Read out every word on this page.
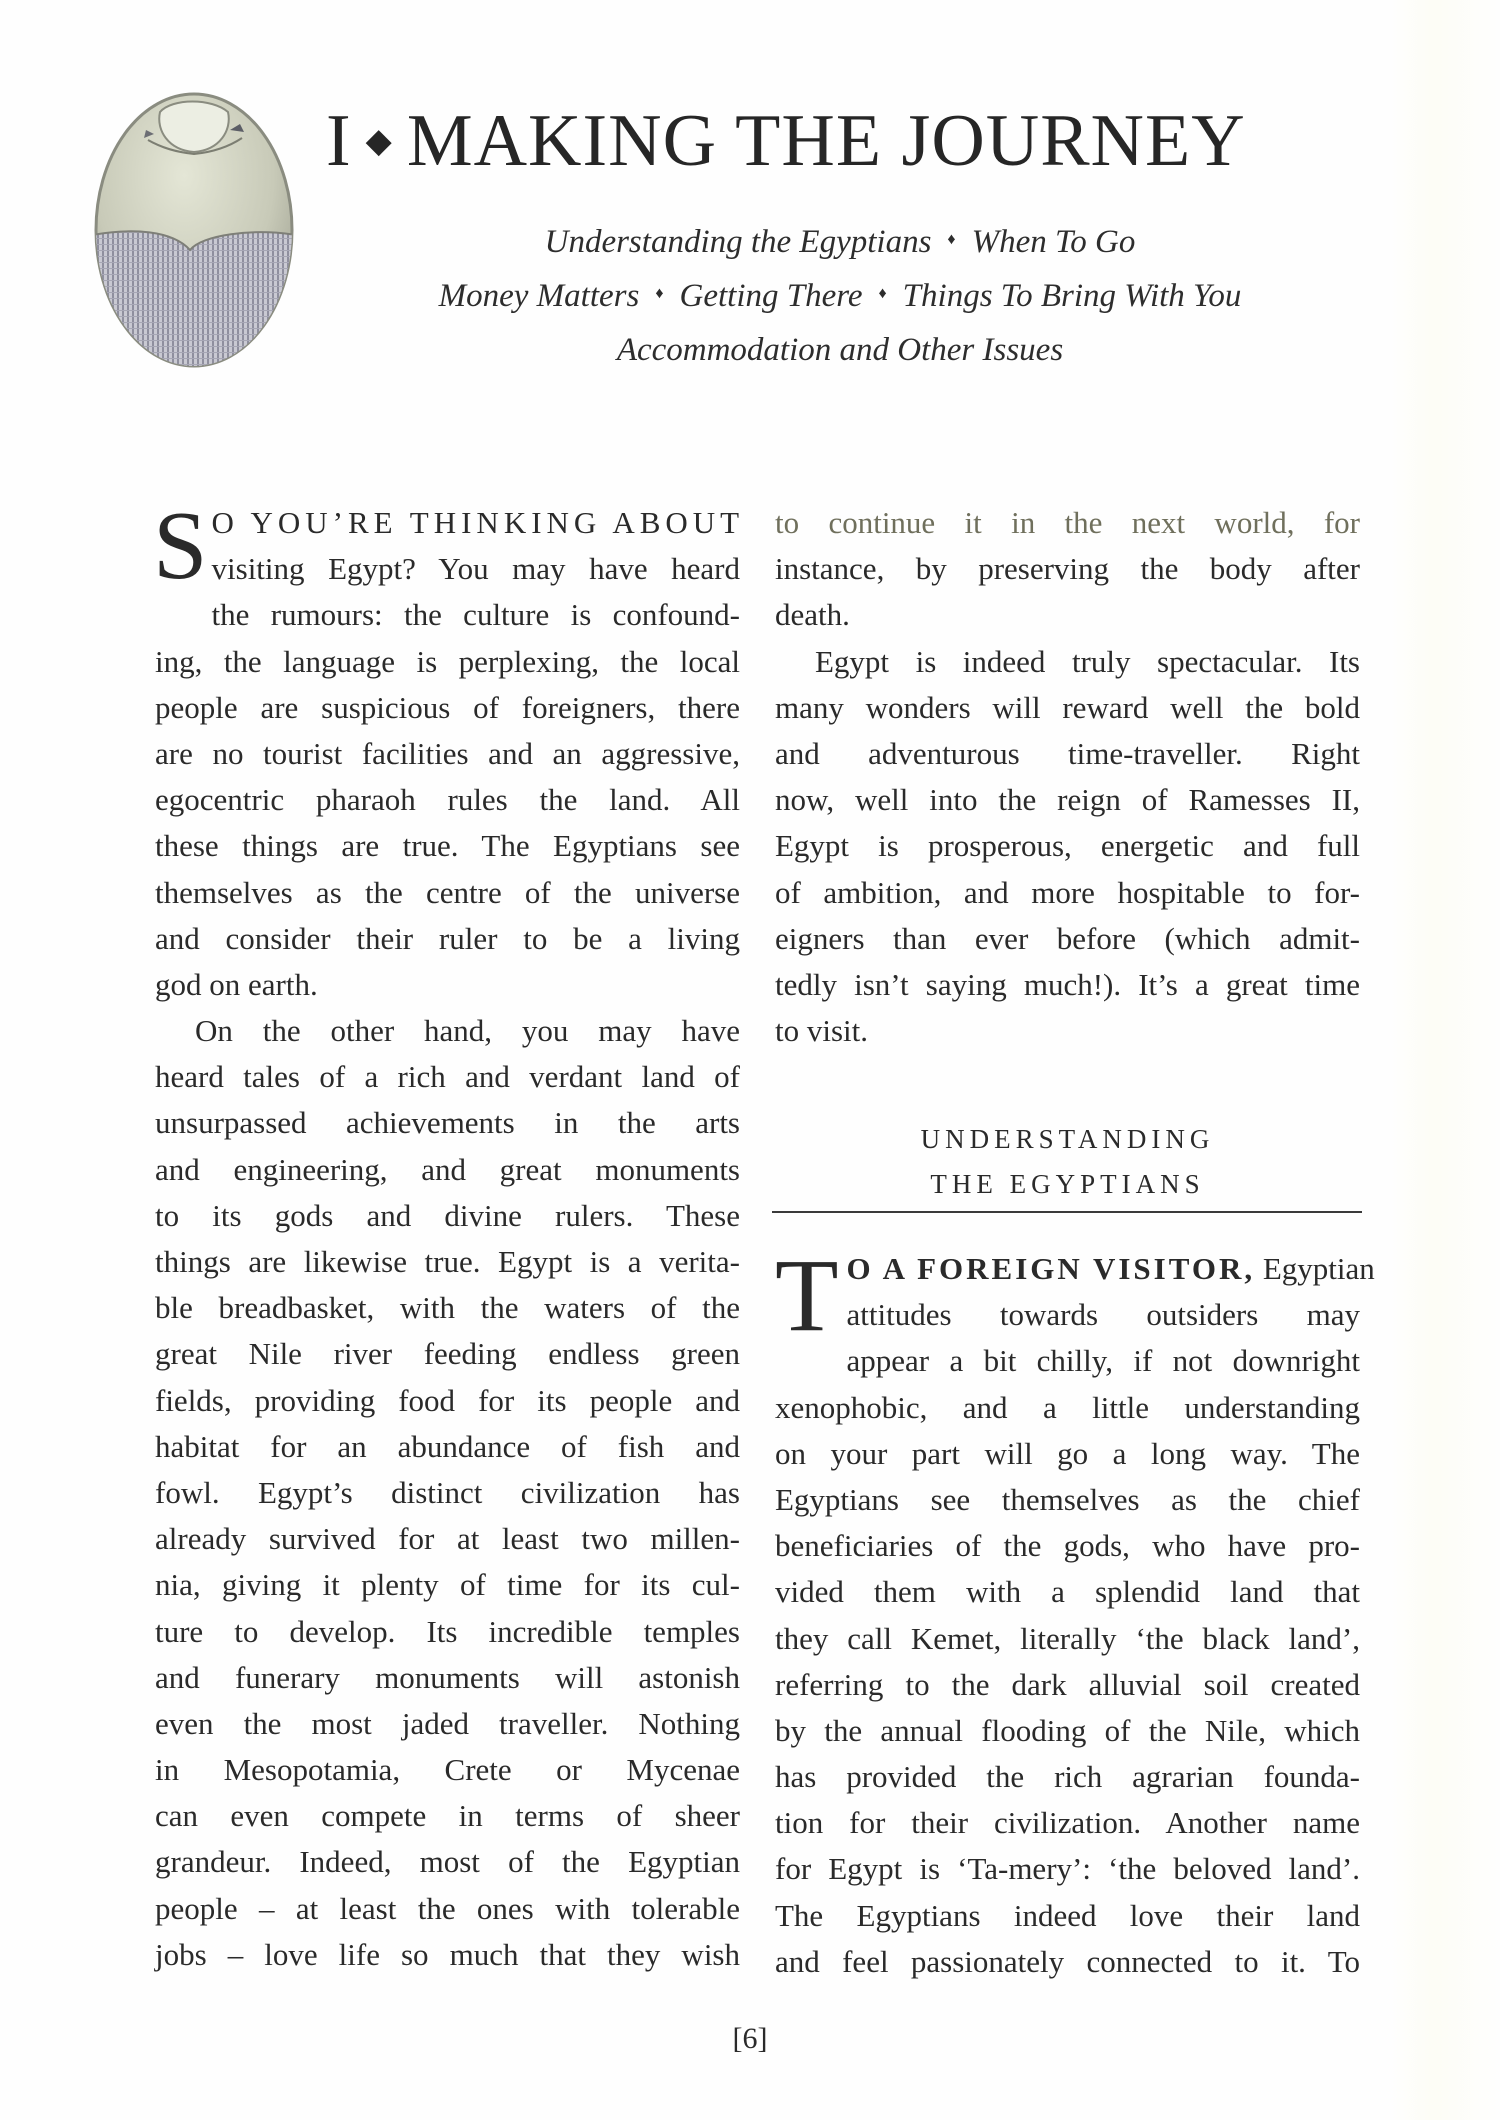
I ◆ MAKING THE JOURNEY
Understanding the Egyptians ♦ When To Go
Money Matters ♦ Getting There ♦ Things To Bring With You
Accommodation and Other Issues
S O YOU’RE THINKING ABOUT
visiting Egypt? You may have heard
the rumours: the culture is confound-
ing, the language is perplexing, the local
people are suspicious of foreigners, there
are no tourist facilities and an aggressive,
egocentric pharaoh rules the land. All
these things are true. The Egyptians see
themselves as the centre of the universe
and consider their ruler to be a living
god on earth.
On the other hand, you may have
heard tales of a rich and verdant land of
unsurpassed achievements in the arts
and engineering, and great monuments
to its gods and divine rulers. These
things are likewise true. Egypt is a verita-
ble breadbasket, with the waters of the
great Nile river feeding endless green
fields, providing food for its people and
habitat for an abundance of fish and
fowl. Egypt’s distinct civilization has
already survived for at least two millen-
nia, giving it plenty of time for its cul-
ture to develop. Its incredible temples
and funerary monuments will astonish
even the most jaded traveller. Nothing
in Mesopotamia, Crete or Mycenae
can even compete in terms of sheer
grandeur. Indeed, most of the Egyptian
people – at least the ones with tolerable
jobs – love life so much that they wish
to continue it in the next world, for
instance, by preserving the body after
death.
Egypt is indeed truly spectacular. Its
many wonders will reward well the bold
and adventurous time-traveller. Right
now, well into the reign of Ramesses II,
Egypt is prosperous, energetic and full
of ambition, and more hospitable to for-
eigners than ever before (which admit-
tedly isn’t saying much!). It’s a great time
to visit.
UNDERSTANDING
THE EGYPTIANS
T O A FOREIGN VISITOR, Egyptian
attitudes towards outsiders may
appear a bit chilly, if not downright
xenophobic, and a little understanding
on your part will go a long way. The
Egyptians see themselves as the chief
beneficiaries of the gods, who have pro-
vided them with a splendid land that
they call Kemet, literally ‘the black land’,
referring to the dark alluvial soil created
by the annual flooding of the Nile, which
has provided the rich agrarian founda-
tion for their civilization. Another name
for Egypt is ‘Ta-mery’: ‘the beloved land’.
The Egyptians indeed love their land
and feel passionately connected to it. To
[6]
